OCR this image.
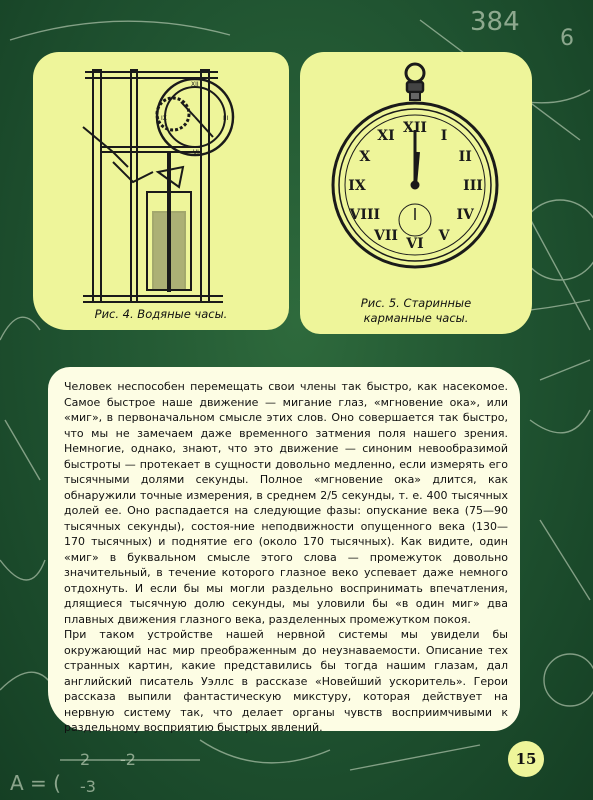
384
6
A = (
2
-3
-2
XII
III
VI
IX
Рис. 4. Водяные часы.
XII I
II
III
IV
V
VI
VII
VIII
IX
X
XI
Рис. 5. Старинные
карманные часы.

Человек неспособен перемещать свои члены так быстро, как насекомое. Самое быстрое наше движение — мигание глаз, «мгновение ока», или «миг», в первоначальном смысле этих слов. Оно совершается так быстро, что мы не замечаем даже временного затмения поля нашего зрения. Немногие, однако, знают, что это движение — синоним невообразимой быстроты — протекает в сущности довольно медленно, если измерять его тысячными долями секунды. Полное «мгновение ока» длится, как обнаружили точные измерения, в среднем 2/5 секунды, т. е. 400 тысячных долей ее. Оно распадается на следующие фазы: опускание века (75—90 тысячных секунды), состоя-ние неподвижности опущенного века (130—170 тысячных) и поднятие его (около 170 тысячных). Как видите, один «миг» в буквальном смысле этого слова — промежуток довольно значительный, в течение которого глазное веко успевает даже немного отдохнуть. И если бы мы могли раздельно воспринимать впечатления, длящиеся тысячную долю секунды, мы уловили бы «в один миг» два плавных движения глазного века, разделенных промежутком покоя.

При таком устройстве нашей нервной системы мы увидели бы окружающий нас мир преображенным до неузнаваемости. Описание тех странных картин, какие представились бы тогда нашим глазам, дал английский писатель Уэллс в рассказе «Новейший ускоритель». Герои рассказа выпили фантастическую микстуру, которая действует на нервную систему так, что делает органы чувств восприимчивыми к раздельному восприятию быстрых явлений.

15
